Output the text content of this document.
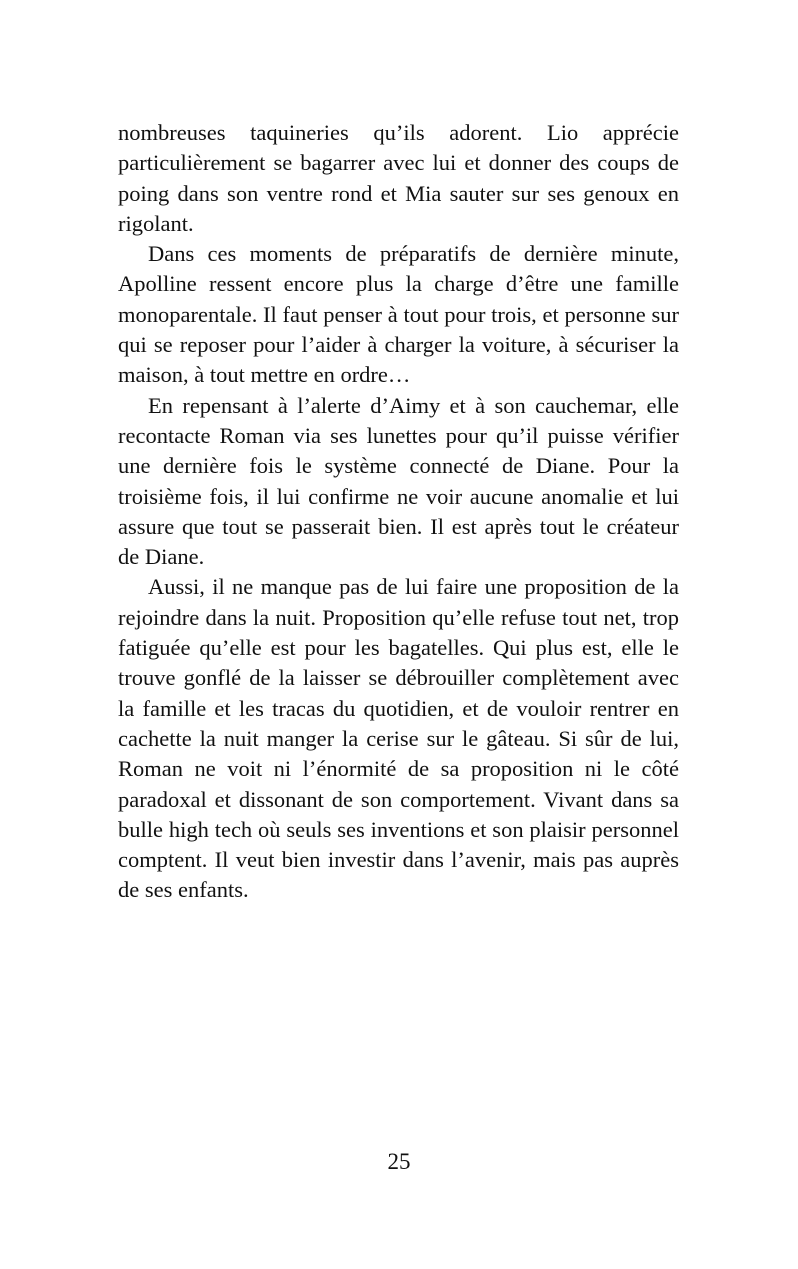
nombreuses taquineries qu’ils adorent. Lio apprécie particulièrement se bagarrer avec lui et donner des coups de poing dans son ventre rond et Mia sauter sur ses genoux en rigolant.

Dans ces moments de préparatifs de dernière minute, Apolline ressent encore plus la charge d’être une famille monoparentale. Il faut penser à tout pour trois, et personne sur qui se reposer pour l’aider à charger la voiture, à sécuriser la maison, à tout mettre en ordre…

En repensant à l’alerte d’Aimy et à son cauchemar, elle recontacte Roman via ses lunettes pour qu’il puisse vérifier une dernière fois le système connecté de Diane. Pour la troisième fois, il lui confirme ne voir aucune anomalie et lui assure que tout se passerait bien. Il est après tout le créateur de Diane.

Aussi, il ne manque pas de lui faire une proposition de la rejoindre dans la nuit. Proposition qu’elle refuse tout net, trop fatiguée qu’elle est pour les bagatelles. Qui plus est, elle le trouve gonflé de la laisser se débrouiller complètement avec la famille et les tracas du quotidien, et de vouloir rentrer en cachette la nuit manger la cerise sur le gâteau. Si sûr de lui, Roman ne voit ni l’énormité de sa proposition ni le côté paradoxal et dissonant de son comportement. Vivant dans sa bulle high tech où seuls ses inventions et son plaisir personnel comptent. Il veut bien investir dans l’avenir, mais pas auprès de ses enfants.

25
